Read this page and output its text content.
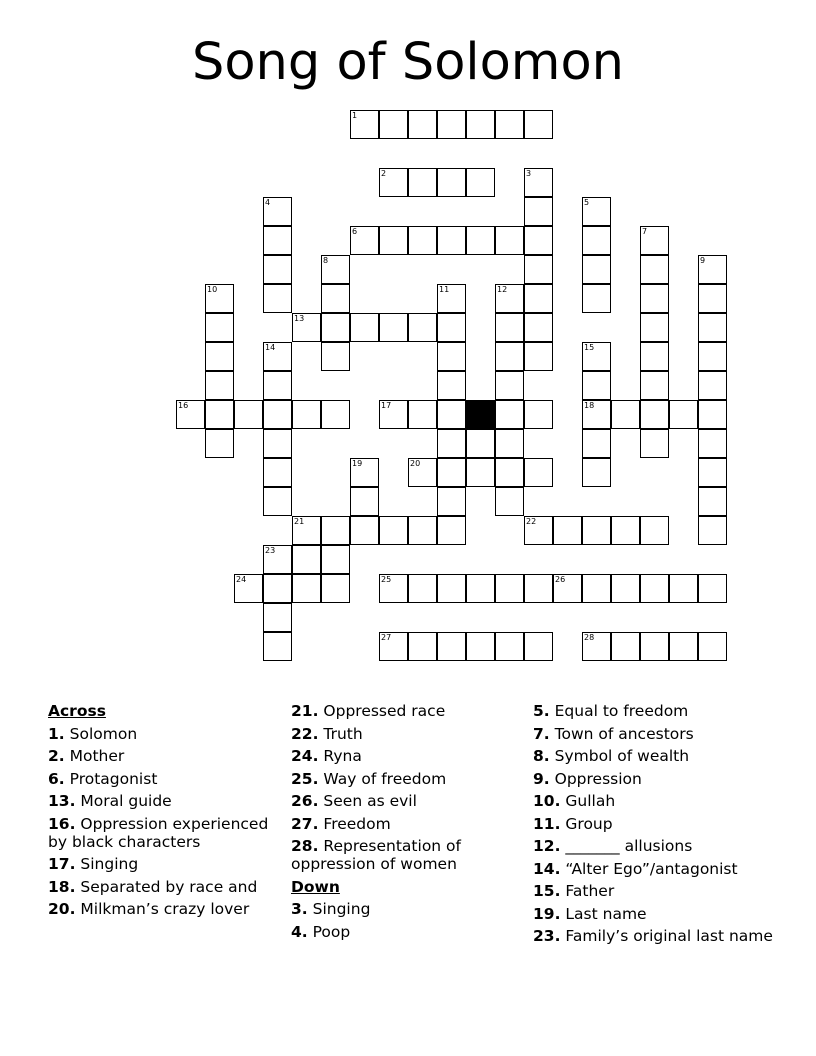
Song of Solomon
1
2	3
4	5
6	7
8	9
10	11	12
13
14	15
16	17	18
19	20
21	22
23
24	25	26
27	28
Across
1. Solomon
2. Mother
6. Protagonist
13. Moral guide
16. Oppression experienced by black characters
17. Singing
18. Separated by race and
20. Milkman’s crazy lover
21. Oppressed race
22. Truth
24. Ryna
25. Way of freedom
26. Seen as evil
27. Freedom
28. Representation of oppression of women
Down
3. Singing
4. Poop
5. Equal to freedom
7. Town of ancestors
8. Symbol of wealth
9. Oppression
10. Gullah
11. Group
12. _______ allusions
14. “Alter Ego”/antagonist
15. Father
19. Last name
23. Family’s original last name
